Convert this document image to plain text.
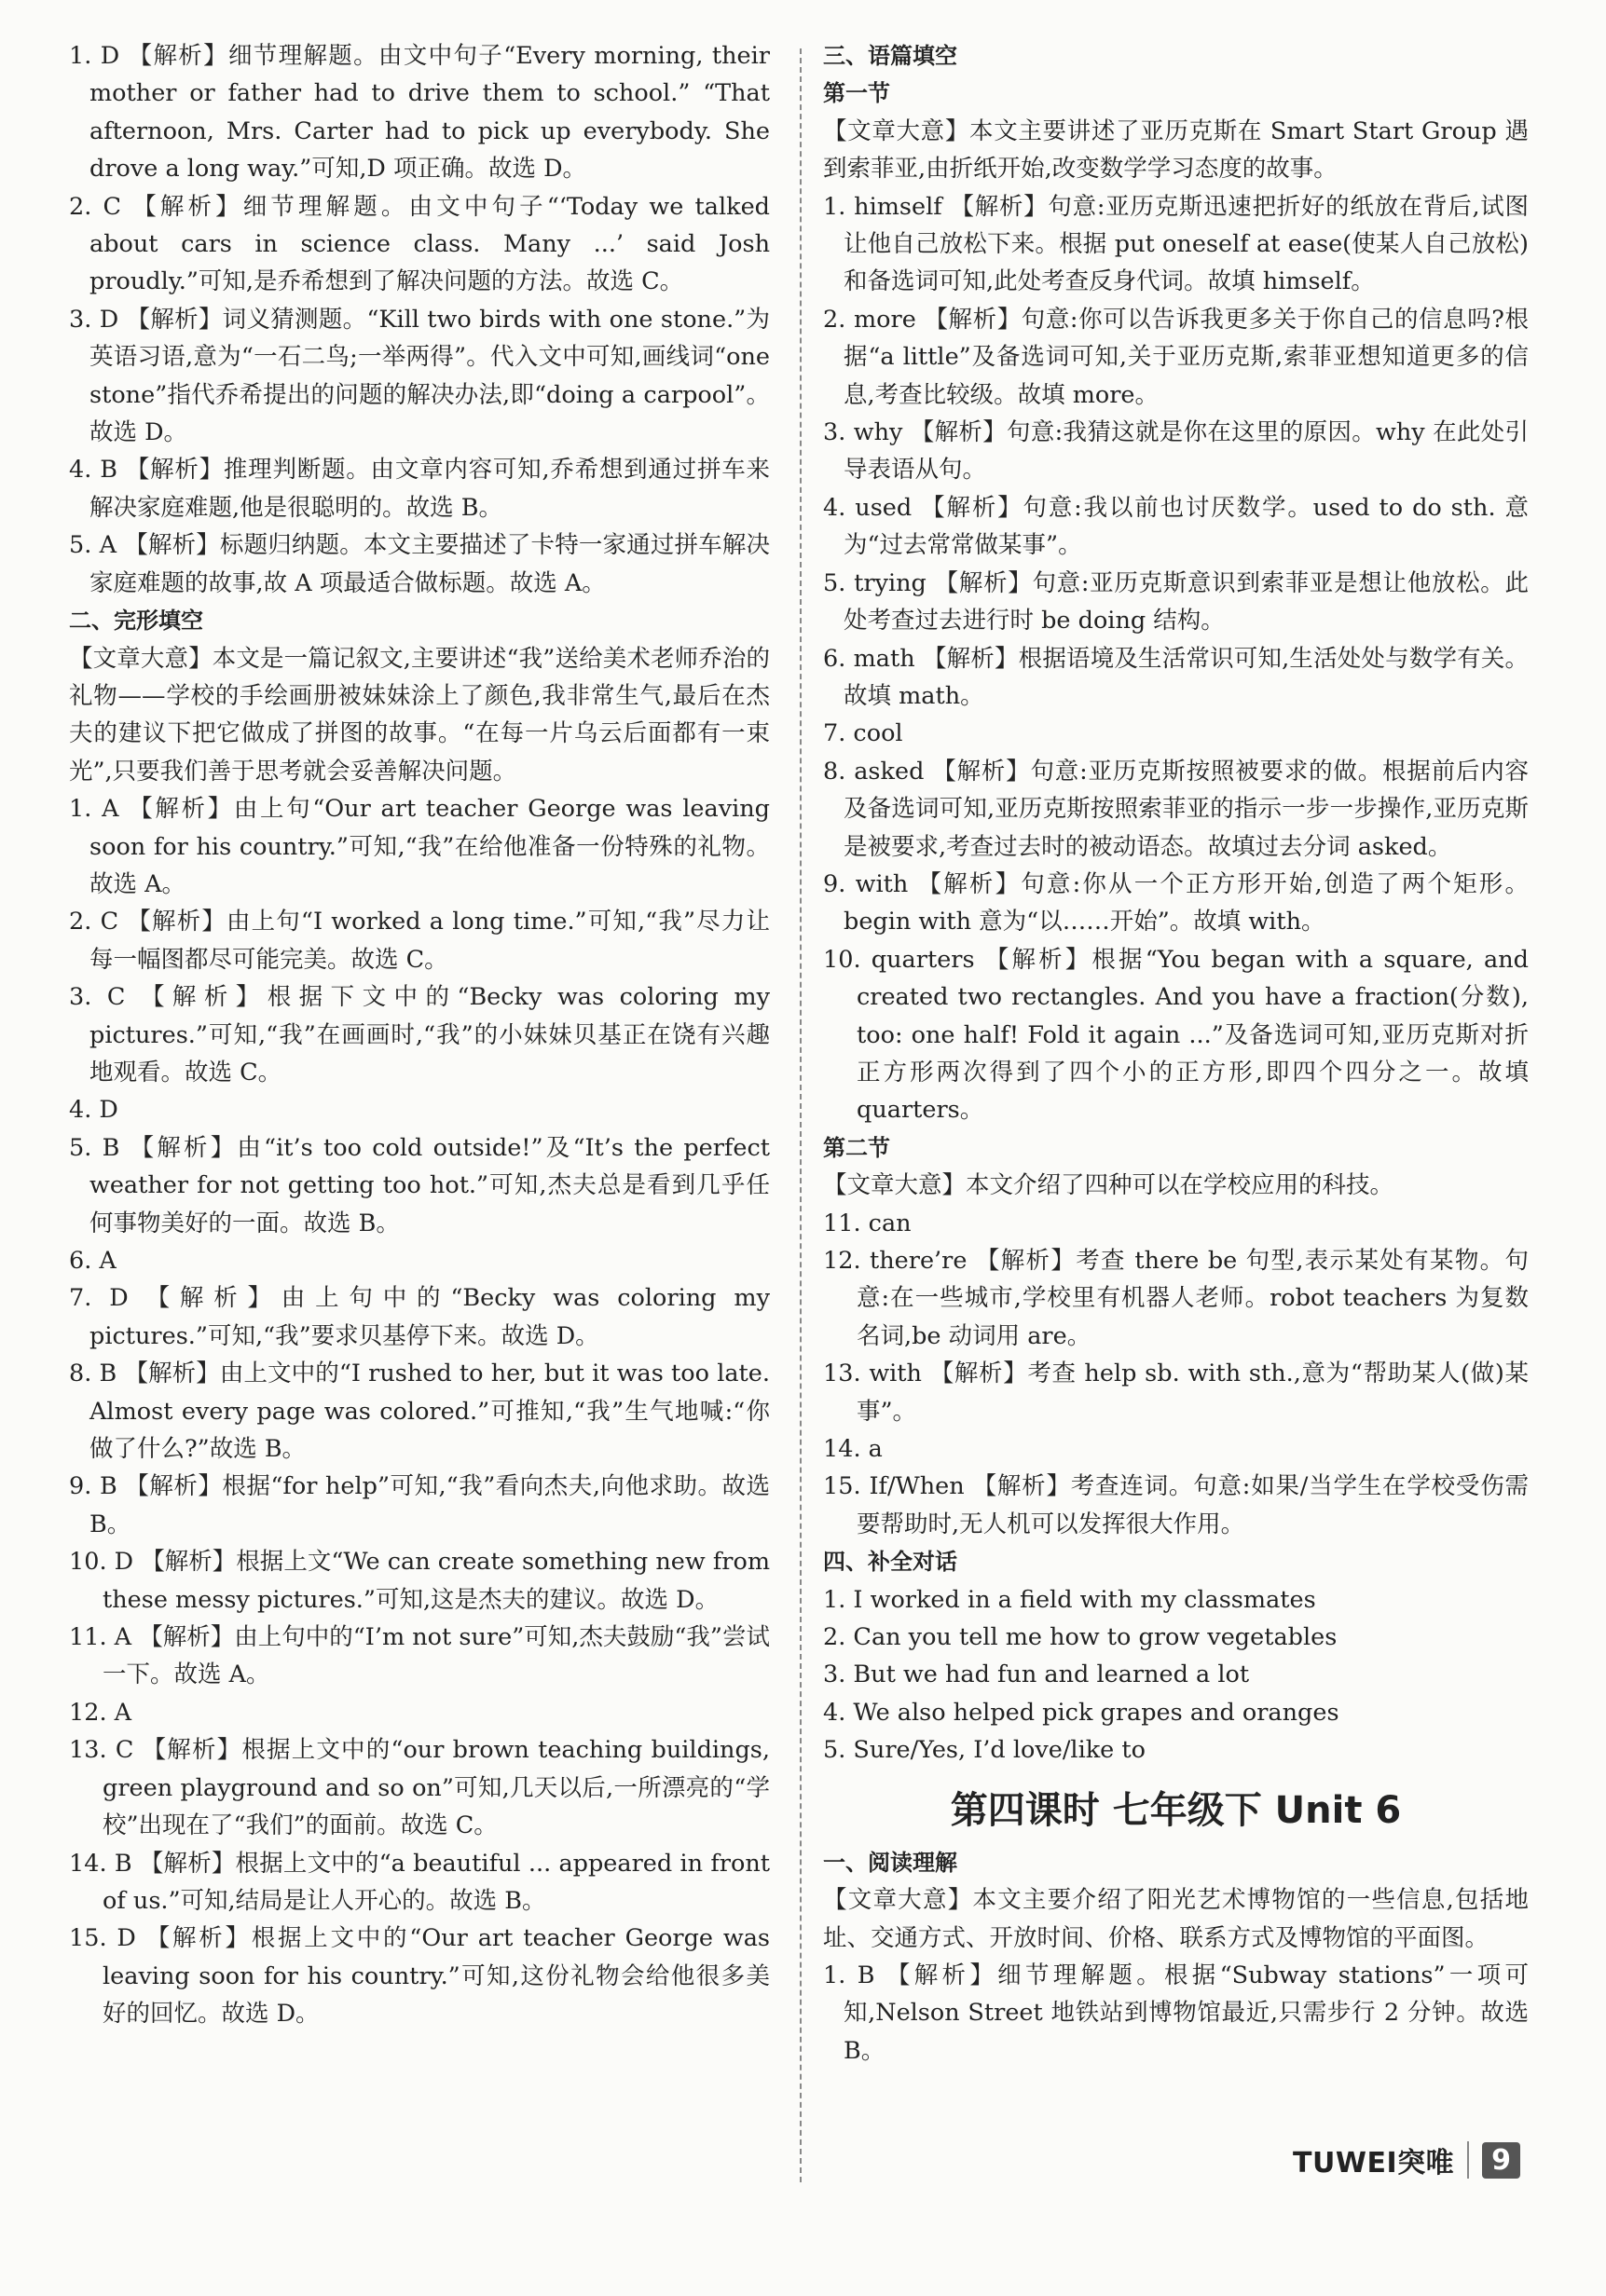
1. D 【解析】细节理解题。由文中句子“Every morning, their mother or father had to drive them to school.” “That afternoon, Mrs. Carter had to pick up everybody. She drove a long way.”可知,D 项正确。故选 D。

2. C 【解析】细节理解题。由文中句子“‘Today we talked about cars in science class. Many ...’ said Josh proudly.”可知,是乔希想到了解决问题的方法。故选 C。

3. D 【解析】词义猜测题。“Kill two birds with one stone.”为英语习语,意为“一石二鸟;一举两得”。代入文中可知,画线词“one stone”指代乔希提出的问题的解决办法,即“doing a carpool”。故选 D。

4. B 【解析】推理判断题。由文章内容可知,乔希想到通过拼车来解决家庭难题,他是很聪明的。故选 B。

5. A 【解析】标题归纳题。本文主要描述了卡特一家通过拼车解决家庭难题的故事,故 A 项最适合做标题。故选 A。

二、完形填空

【文章大意】本文是一篇记叙文,主要讲述“我”送给美术老师乔治的礼物——学校的手绘画册被妹妹涂上了颜色,我非常生气,最后在杰夫的建议下把它做成了拼图的故事。“在每一片乌云后面都有一束光”,只要我们善于思考就会妥善解决问题。

1. A 【解析】由上句“Our art teacher George was leaving soon for his country.”可知,“我”在给他准备一份特殊的礼物。故选 A。

2. C 【解析】由上句“I worked a long time.”可知,“我”尽力让每一幅图都尽可能完美。故选 C。

3. C 【解析】根据下文中的“Becky was coloring my pictures.”可知,“我”在画画时,“我”的小妹妹贝基正在饶有兴趣地观看。故选 C。

4. D

5. B 【解析】由“it’s too cold outside!”及“It’s the perfect weather for not getting too hot.”可知,杰夫总是看到几乎任何事物美好的一面。故选 B。

6. A

7. D 【解析】由上句中的“Becky was coloring my pictures.”可知,“我”要求贝基停下来。故选 D。

8. B 【解析】由上文中的“I rushed to her, but it was too late. Almost every page was colored.”可推知,“我”生气地喊:“你做了什么?”故选 B。

9. B 【解析】根据“for help”可知,“我”看向杰夫,向他求助。故选 B。

10. D 【解析】根据上文“We can create something new from these messy pictures.”可知,这是杰夫的建议。故选 D。

11. A 【解析】由上句中的“I’m not sure”可知,杰夫鼓励“我”尝试一下。故选 A。

12. A

13. C 【解析】根据上文中的“our brown teaching buildings, green playground and so on”可知,几天以后,一所漂亮的“学校”出现在了“我们”的面前。故选 C。

14. B 【解析】根据上文中的“a beautiful ... appeared in front of us.”可知,结局是让人开心的。故选 B。

15. D 【解析】根据上文中的“Our art teacher George was leaving soon for his country.”可知,这份礼物会给他很多美好的回忆。故选 D。

三、语篇填空

第一节

【文章大意】本文主要讲述了亚历克斯在 Smart Start Group 遇到索菲亚,由折纸开始,改变数学学习态度的故事。

1. himself 【解析】句意:亚历克斯迅速把折好的纸放在背后,试图让他自己放松下来。根据 put oneself at ease(使某人自己放松)和备选词可知,此处考查反身代词。故填 himself。

2. more 【解析】句意:你可以告诉我更多关于你自己的信息吗?根据“a little”及备选词可知,关于亚历克斯,索菲亚想知道更多的信息,考查比较级。故填 more。

3. why 【解析】句意:我猜这就是你在这里的原因。why 在此处引导表语从句。

4. used 【解析】句意:我以前也讨厌数学。used to do sth. 意为“过去常常做某事”。

5. trying 【解析】句意:亚历克斯意识到索菲亚是想让他放松。此处考查过去进行时 be doing 结构。

6. math 【解析】根据语境及生活常识可知,生活处处与数学有关。故填 math。

7. cool

8. asked 【解析】句意:亚历克斯按照被要求的做。根据前后内容及备选词可知,亚历克斯按照索菲亚的指示一步一步操作,亚历克斯是被要求,考查过去时的被动语态。故填过去分词 asked。

9. with 【解析】句意:你从一个正方形开始,创造了两个矩形。begin with 意为“以……开始”。故填 with。

10. quarters 【解析】根据“You began with a square, and created two rectangles. And you have a fraction(分数), too: one half! Fold it again ...”及备选词可知,亚历克斯对折正方形两次得到了四个小的正方形,即四个四分之一。故填 quarters。

第二节

【文章大意】本文介绍了四种可以在学校应用的科技。

11. can

12. there’re 【解析】考查 there be 句型,表示某处有某物。句意:在一些城市,学校里有机器人老师。robot teachers 为复数名词,be 动词用 are。

13. with 【解析】考查 help sb. with sth.,意为“帮助某人(做)某事”。

14. a

15. If/When 【解析】考查连词。句意:如果/当学生在学校受伤需要帮助时,无人机可以发挥很大作用。

四、补全对话

1. I worked in a field with my classmates

2. Can you tell me how to grow vegetables

3. But we had fun and learned a lot

4. We also helped pick grapes and oranges

5. Sure/Yes, I’d love/like to

第四课时 七年级下 Unit 6

一、阅读理解

【文章大意】本文主要介绍了阳光艺术博物馆的一些信息,包括地址、交通方式、开放时间、价格、联系方式及博物馆的平面图。

1. B 【解析】细节理解题。根据“Subway stations”一项可知,Nelson Street 地铁站到博物馆最近,只需步行 2 分钟。故选 B。

TUWEI突唯	9
